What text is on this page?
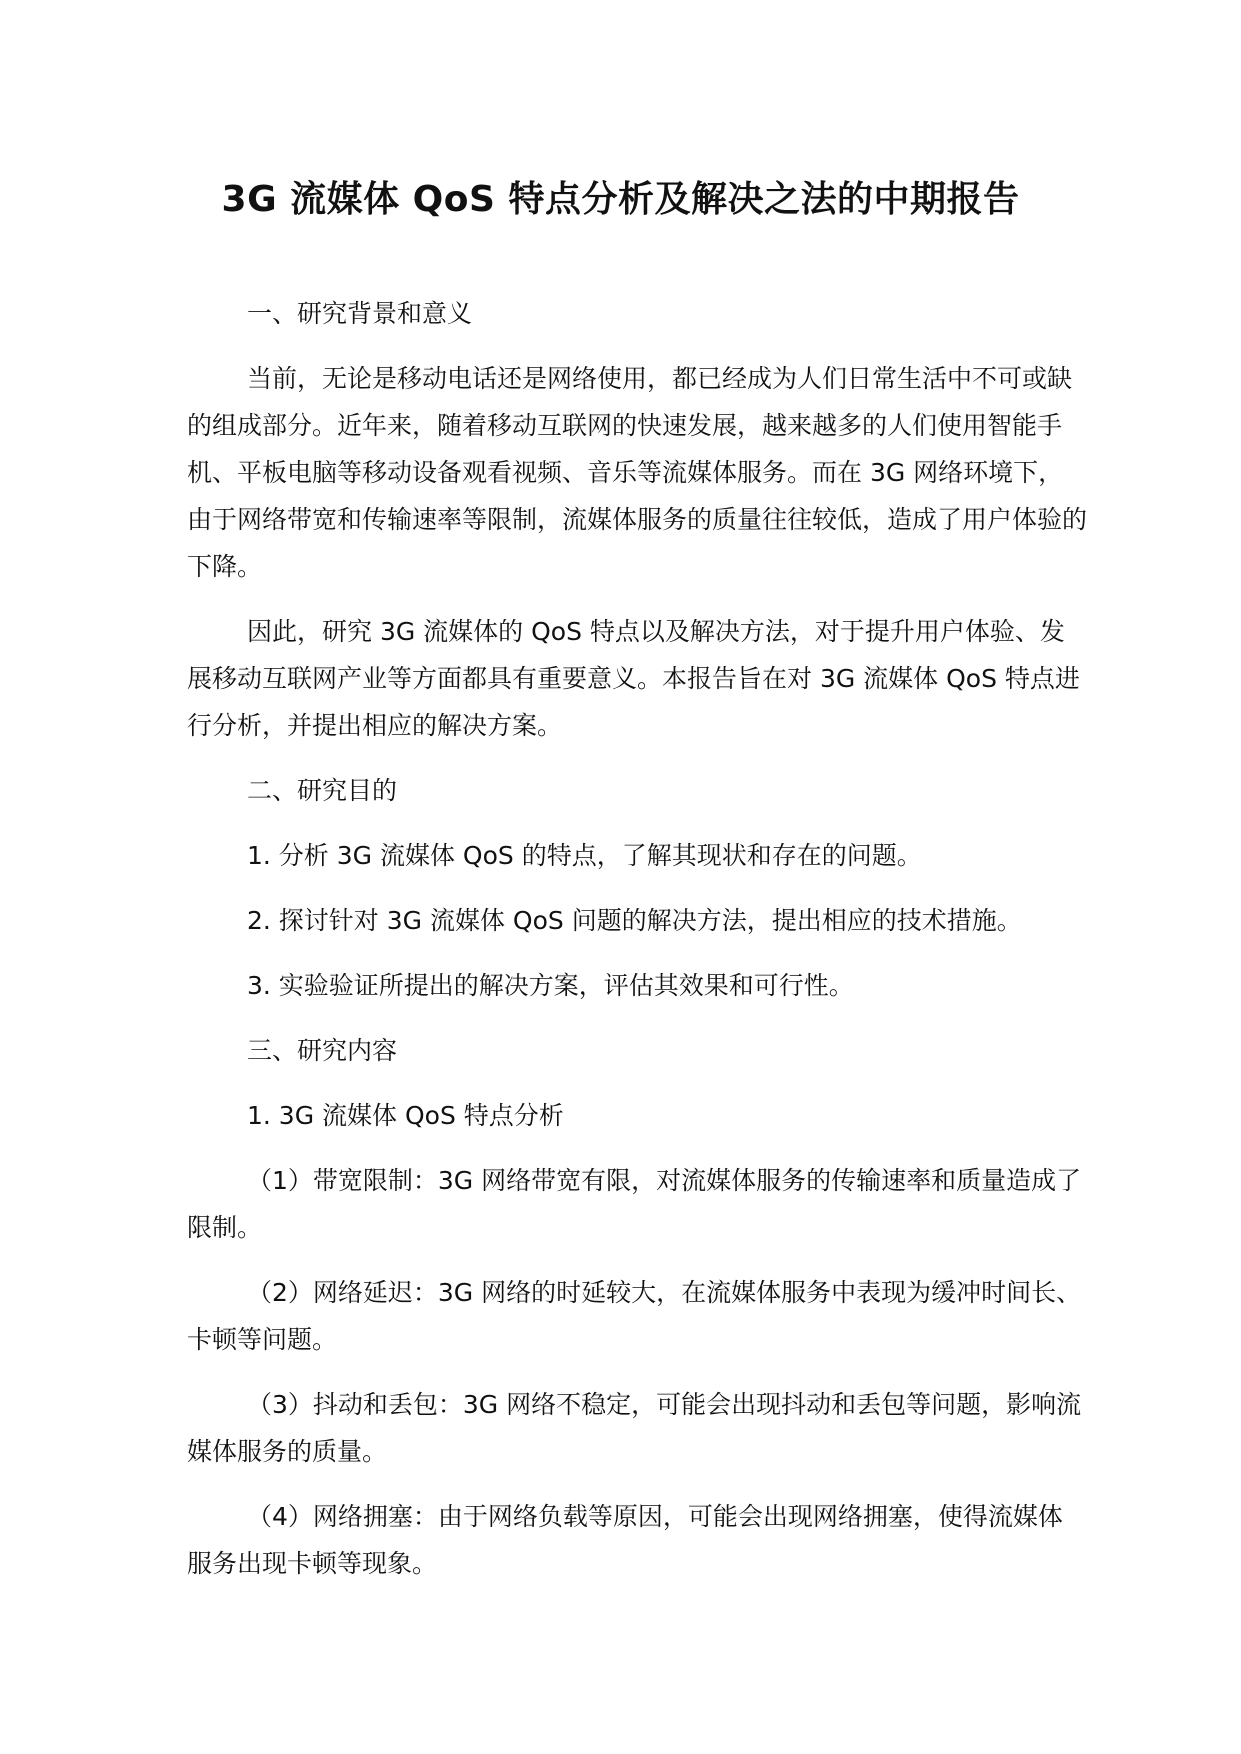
3G 流媒体 QoS 特点分析及解决之法的中期报告

一、研究背景和意义

当前，无论是移动电话还是网络使用，都已经成为人们日常生活中不可或缺的组成部分。近年来，随着移动互联网的快速发展，越来越多的人们使用智能手机、平板电脑等移动设备观看视频、音乐等流媒体服务。而在 3G 网络环境下，由于网络带宽和传输速率等限制，流媒体服务的质量往往较低，造成了用户体验的下降。

因此，研究 3G 流媒体的 QoS 特点以及解决方法，对于提升用户体验、发展移动互联网产业等方面都具有重要意义。本报告旨在对 3G 流媒体 QoS 特点进行分析，并提出相应的解决方案。

二、研究目的

1. 分析 3G 流媒体 QoS 的特点，了解其现状和存在的问题。

2. 探讨针对 3G 流媒体 QoS 问题的解决方法，提出相应的技术措施。

3. 实验验证所提出的解决方案，评估其效果和可行性。

三、研究内容

1. 3G 流媒体 QoS 特点分析

（1）带宽限制：3G 网络带宽有限，对流媒体服务的传输速率和质量造成了限制。

（2）网络延迟：3G 网络的时延较大，在流媒体服务中表现为缓冲时间长、卡顿等问题。

（3）抖动和丢包：3G 网络不稳定，可能会出现抖动和丢包等问题，影响流媒体服务的质量。

（4）网络拥塞：由于网络负载等原因，可能会出现网络拥塞，使得流媒体服务出现卡顿等现象。
